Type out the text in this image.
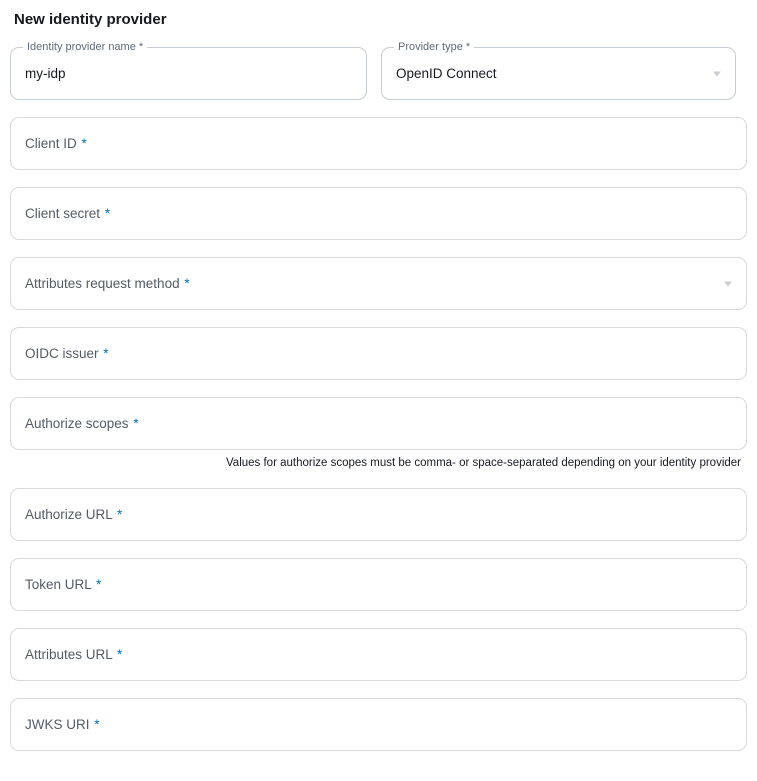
New identity provider
Identity provider name *
my-idp
Provider type *
OpenID Connect
Client ID *
Client secret *
Attributes request method *
OIDC issuer *
Authorize scopes *
Values for authorize scopes must be comma- or space-separated depending on your identity provider
Authorize URL *
Token URL *
Attributes URL *
JWKS URI *
